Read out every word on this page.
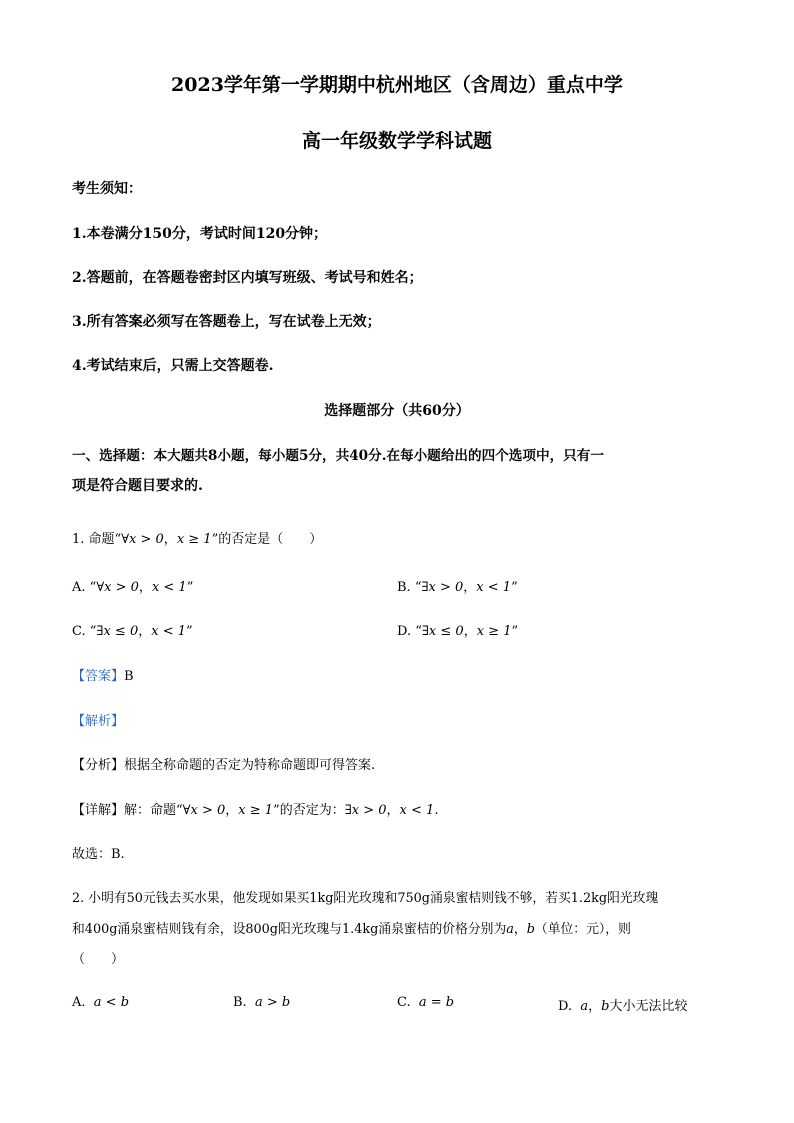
2023学年第一学期期中杭州地区（含周边）重点中学
高一年级数学学科试题
考生须知：
1.本卷满分150分，考试时间120分钟；
2.答题前，在答题卷密封区内填写班级、考试号和姓名；
3.所有答案必须写在答题卷上，写在试卷上无效；
4.考试结束后，只需上交答题卷.
选择题部分（共60分）
一、选择题：本大题共8小题，每小题5分，共40分.在每小题给出的四个选项中，只有一
项是符合题目要求的.
1. 命题“∀x > 0，x ≥ 1”的否定是（　　）
A. “∀x > 0，x < 1”	B. “∃x > 0，x < 1”
C. “∃x ≤ 0，x < 1”	D. “∃x ≤ 0，x ≥ 1”
【答案】B
【解析】
【分析】根据全称命题的否定为特称命题即可得答案.
【详解】解：命题“∀x > 0，x ≥ 1”的否定为：∃x > 0，x < 1.
故选：B.
2. 小明有50元钱去买水果，他发现如果买1kg阳光玫瑰和750g涌泉蜜桔则钱不够，若买1.2kg阳光玫瑰
和400g涌泉蜜桔则钱有余，设800g阳光玫瑰与1.4kg涌泉蜜桔的价格分别为a，b（单位：元），则
（　　）
A. a < b	B. a > b	C. a = b	D. a，b大小无法比较
